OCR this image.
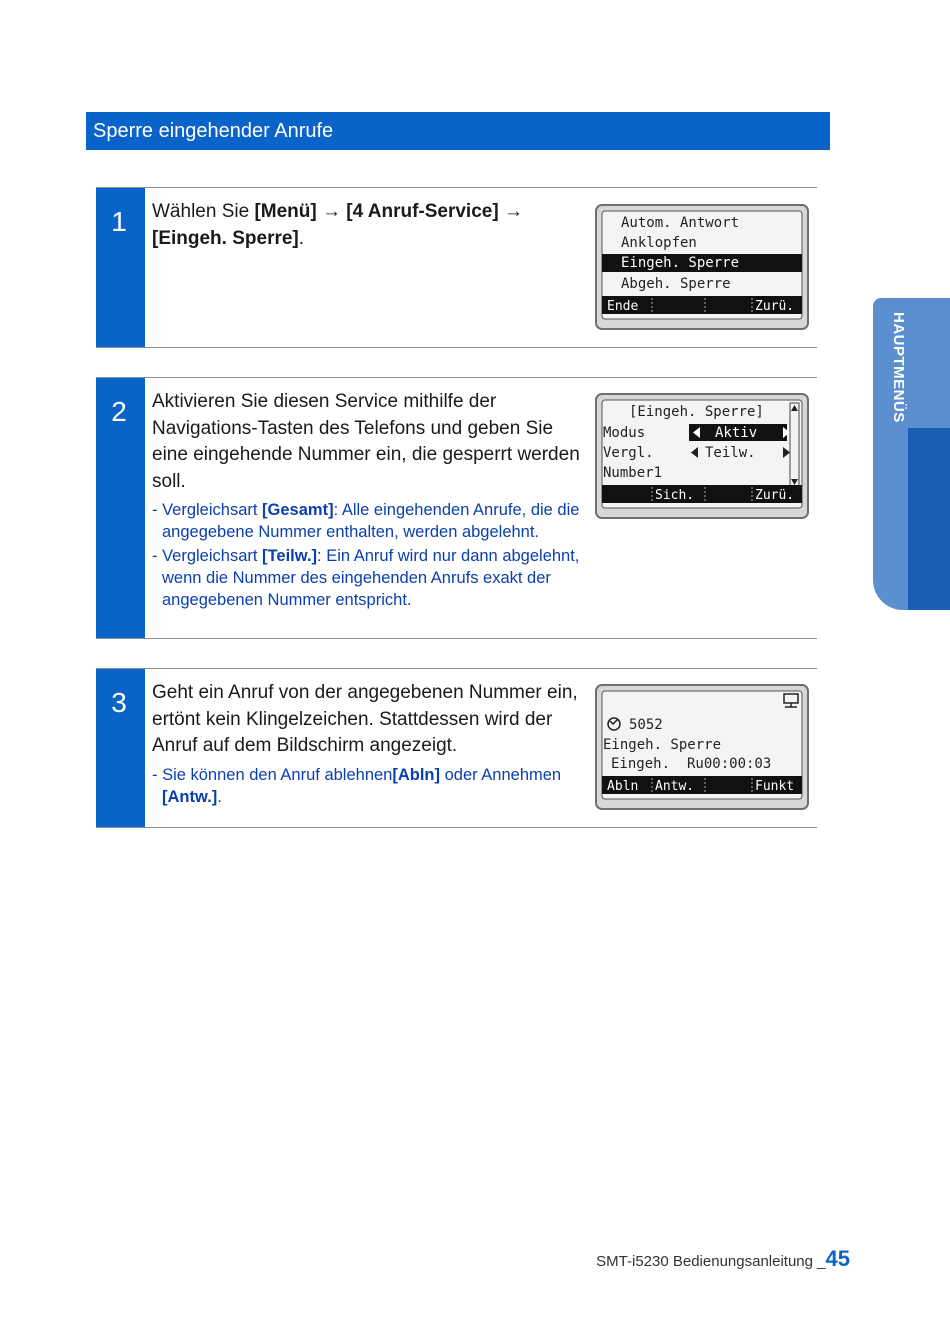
Sperre eingehender Anrufe
HAUPTMENÜS
1	Wählen Sie [Menü] → [4 Anruf-Service] →
[Eingeh. Sperre].
Autom. Antwort
Anklopfen
Eingeh. Sperre
Abgeh. Sperre
Ende	Zurü.
2	Aktivieren Sie diesen Service mithilfe der Navigations-Tasten des Telefons und geben Sie eine eingehende Nummer ein, die gesperrt werden soll.
- Vergleichsart [Gesamt]: Alle eingehenden Anrufe, die die angegebene Nummer enthalten, werden abgelehnt.
- Vergleichsart [Teilw.]: Ein Anruf wird nur dann abgelehnt, wenn die Nummer des eingehenden Anrufs exakt der angegebenen Nummer entspricht.
[Eingeh. Sperre]
Modus	Aktiv
Vergl.	Teilw.
Number1
Sich.	Zurü.
3	Geht ein Anruf von der angegebenen Nummer ein, ertönt kein Klingelzeichen. Stattdessen wird der Anruf auf dem Bildschirm angezeigt.
- Sie können den Anruf ablehnen[Abln] oder Annehmen [Antw.].
5052
Eingeh. Sperre
Eingeh. Ru00:00:03
Abln Antw.	Funkt
SMT-i5230 Bedienungsanleitung _45
